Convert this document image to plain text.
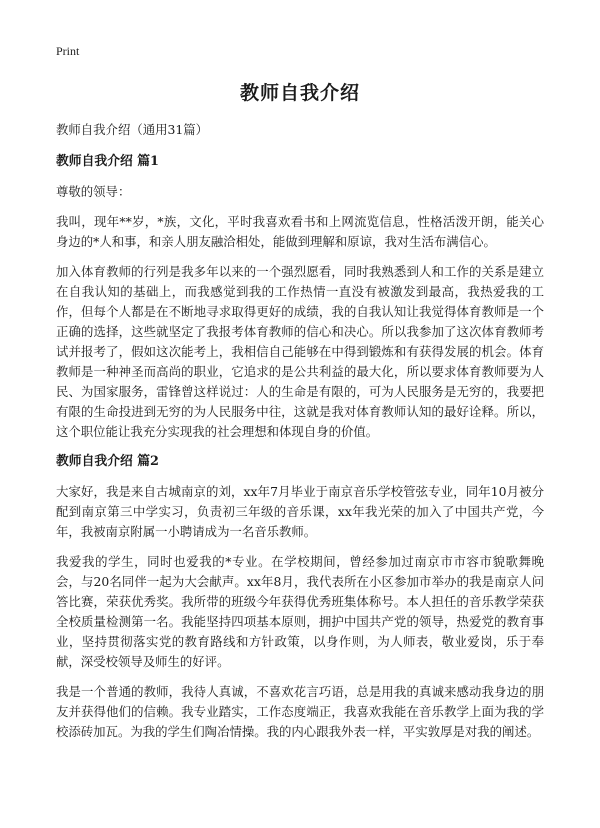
Print
教师自我介绍

教师自我介绍（通用31篇）

教师自我介绍 篇1

尊敬的领导：

我叫，现年**岁，*族，文化，平时我喜欢看书和上网流览信息，性格活泼开朗，能关心身边的*人和事，和亲人朋友融洽相处，能做到理解和原谅，我对生活布满信心。

加入体育教师的行列是我多年以来的一个强烈愿看，同时我熟悉到人和工作的关系是建立在自我认知的基础上，而我感觉到我的工作热情一直没有被激发到最高，我热爱我的工作，但每个人都是在不断地寻求取得更好的成绩，我的自我认知让我觉得体育教师是一个正确的选择，这些就坚定了我报考体育教师的信心和决心。所以我参加了这次体育教师考试并报考了，假如这次能考上，我相信自己能够在中得到锻炼和有获得发展的机会。体育教师是一种神圣而高尚的职业，它追求的是公共利益的最大化，所以要求体育教师要为人民、为国家服务，雷锋曾这样说过：人的生命是有限的，可为人民服务是无穷的，我要把有限的生命投进到无穷的为人民服务中往，这就是我对体育教师认知的最好诠释。所以，这个职位能让我充分实现我的社会理想和体现自身的价值。

教师自我介绍 篇2

大家好，我是来自古城南京的刘，xx年7月毕业于南京音乐学校管弦专业，同年10月被分配到南京第三中学实习，负责初三年级的音乐课，xx年我光荣的加入了中国共产党，今年，我被南京附属一小聘请成为一名音乐教师。

我爱我的学生，同时也爱我的*专业。在学校期间，曾经参加过南京市市容市貌歌舞晚会，与20名同伴一起为大会献声。xx年8月，我代表所在小区参加市举办的我是南京人问答比赛，荣获优秀奖。我所带的班级今年获得优秀班集体称号。本人担任的音乐教学荣获全校质量检测第一名。我能坚持四项基本原则，拥护中国共产党的领导，热爱党的教育事业，坚持贯彻落实党的教育路线和方针政策，以身作则，为人师表，敬业爱岗，乐于奉献，深受校领导及师生的好评。

我是一个普通的教师，我待人真诚，不喜欢花言巧语，总是用我的真诚来感动我身边的朋友并获得他们的信赖。我专业踏实，工作态度端正，我喜欢我能在音乐教学上面为我的学校添砖加瓦。为我的学生们陶冶情操。我的内心跟我外表一样，平实敦厚是对我的阐述。
